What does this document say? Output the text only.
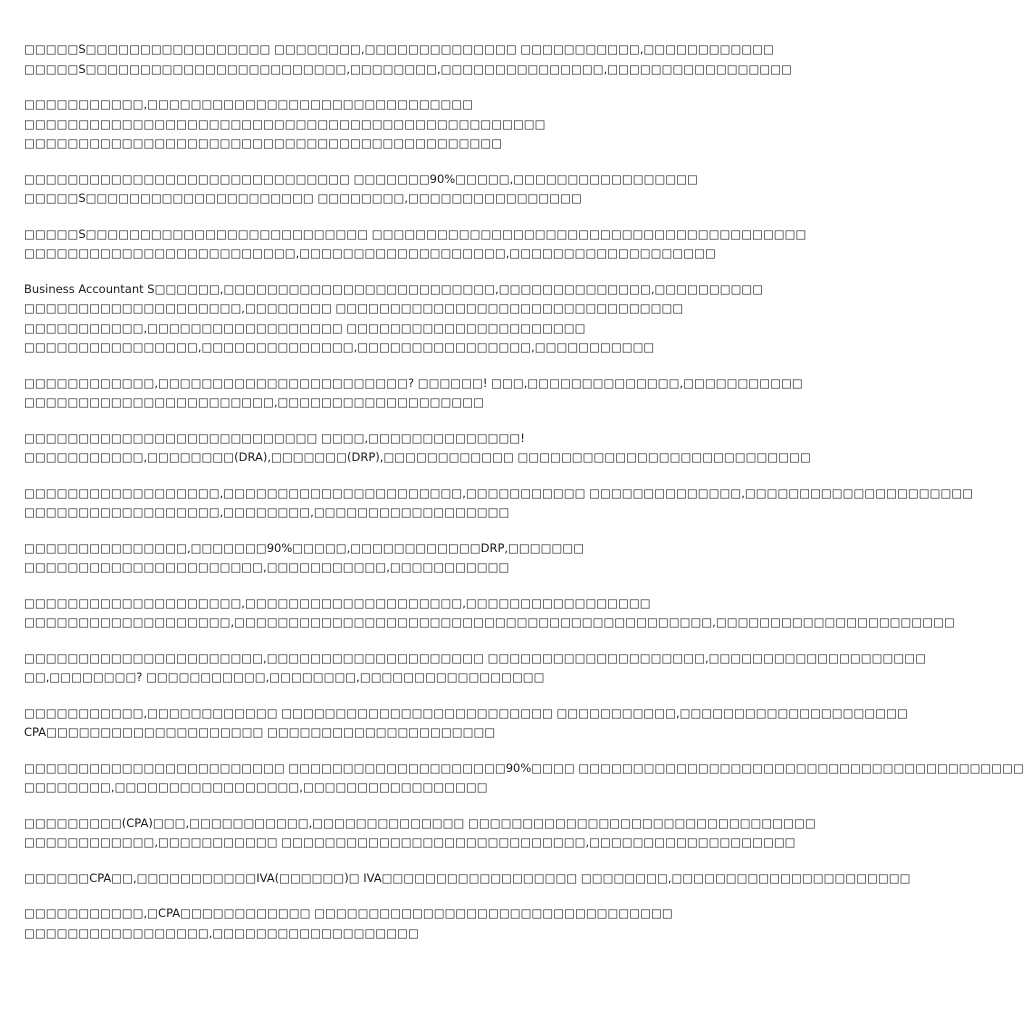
□□□□□S□□□□□□□□□□□□□□□□□ □□□□□□□□,□□□□□□□□□□□□□□ □□□□□□□□□□□,□□□□□□□□□□□□
□□□□□S□□□□□□□□□□□□□□□□□□□□□□□□,□□□□□□□□,□□□□□□□□□□□□□□□,□□□□□□□□□□□□□□□□□
□□□□□□□□□□□,□□□□□□□□□□□□□□□□□□□□□□□□□□□□□□
□□□□□□□□□□□□□□□□□□□□□□□□□□□□□□□□□□□□□□□□□□□□□□□□
□□□□□□□□□□□□□□□□□□□□□□□□□□□□□□□□□□□□□□□□□□□□
□□□□□□□□□□□□□□□□□□□□□□□□□□□□□□ □□□□□□□90%□□□□□,□□□□□□□□□□□□□□□□□
□□□□□S□□□□□□□□□□□□□□□□□□□□□ □□□□□□□□,□□□□□□□□□□□□□□□□
□□□□□S□□□□□□□□□□□□□□□□□□□□□□□□□□ □□□□□□□□□□□□□□□□□□□□□□□□□□□□□□□□□□□□□□□□
□□□□□□□□□□□□□□□□□□□□□□□□□,□□□□□□□□□□□□□□□□□□□,□□□□□□□□□□□□□□□□□□□
Business Accountant S□□□□□□,□□□□□□□□□□□□□□□□□□□□□□□□□,□□□□□□□□□□□□□□,□□□□□□□□□□
□□□□□□□□□□□□□□□□□□□□,□□□□□□□□ □□□□□□□□□□□□□□□□□□□□□□□□□□□□□□□□
□□□□□□□□□□□,□□□□□□□□□□□□□□□□□□ □□□□□□□□□□□□□□□□□□□□□□
□□□□□□□□□□□□□□□□,□□□□□□□□□□□□□□,□□□□□□□□□□□□□□□□,□□□□□□□□□□□
□□□□□□□□□□□□,□□□□□□□□□□□□□□□□□□□□□□□? □□□□□□! □□□,□□□□□□□□□□□□□□,□□□□□□□□□□□
□□□□□□□□□□□□□□□□□□□□□□□,□□□□□□□□□□□□□□□□□□□
□□□□□□□□□□□□□□□□□□□□□□□□□□□ □□□□,□□□□□□□□□□□□□□!
□□□□□□□□□□□,□□□□□□□□(DRA),□□□□□□□(DRP),□□□□□□□□□□□□ □□□□□□□□□□□□□□□□□□□□□□□□□□□
□□□□□□□□□□□□□□□□□□,□□□□□□□□□□□□□□□□□□□□□□,□□□□□□□□□□□ □□□□□□□□□□□□□□,□□□□□□□□□□□□□□□□□□□□□
□□□□□□□□□□□□□□□□□□,□□□□□□□□,□□□□□□□□□□□□□□□□□□
□□□□□□□□□□□□□□□,□□□□□□□90%□□□□□,□□□□□□□□□□□□DRP,□□□□□□□
□□□□□□□□□□□□□□□□□□□□□□,□□□□□□□□□□□,□□□□□□□□□□□
□□□□□□□□□□□□□□□□□□□□,□□□□□□□□□□□□□□□□□□□□,□□□□□□□□□□□□□□□□□
□□□□□□□□□□□□□□□□□□□,□□□□□□□□□□□□□□□□□□□□□□□□□□□□□□□□□□□□□□□□□□□□,□□□□□□□□□□□□□□□□□□□□□□
□□□□□□□□□□□□□□□□□□□□□□,□□□□□□□□□□□□□□□□□□□□ □□□□□□□□□□□□□□□□□□□□,□□□□□□□□□□□□□□□□□□□□
□□,□□□□□□□□? □□□□□□□□□□□,□□□□□□□□,□□□□□□□□□□□□□□□□□
□□□□□□□□□□□,□□□□□□□□□□□□ □□□□□□□□□□□□□□□□□□□□□□□□□ □□□□□□□□□□□,□□□□□□□□□□□□□□□□□□□□□
CPA□□□□□□□□□□□□□□□□□□□□ □□□□□□□□□□□□□□□□□□□□□
□□□□□□□□□□□□□□□□□□□□□□□□ □□□□□□□□□□□□□□□□□□□□90%□□□□ □□□□□□□□□□□□□□□□□□□□□□□□□□□□□□□□□□□□□□□□□
□□□□□□□□,□□□□□□□□□□□□□□□□□,□□□□□□□□□□□□□□□□□
□□□□□□□□□(CPA)□□□,□□□□□□□□□□□,□□□□□□□□□□□□□□ □□□□□□□□□□□□□□□□□□□□□□□□□□□□□□□□
□□□□□□□□□□□□,□□□□□□□□□□□ □□□□□□□□□□□□□□□□□□□□□□□□□□□□,□□□□□□□□□□□□□□□□□□□
□□□□□□CPA□□,□□□□□□□□□□□IVA(□□□□□□)□ IVA□□□□□□□□□□□□□□□□□□ □□□□□□□□,□□□□□□□□□□□□□□□□□□□□□□
□□□□□□□□□□□,□CPA□□□□□□□□□□□□ □□□□□□□□□□□□□□□□□□□□□□□□□□□□□□□□□
□□□□□□□□□□□□□□□□□,□□□□□□□□□□□□□□□□□□□
